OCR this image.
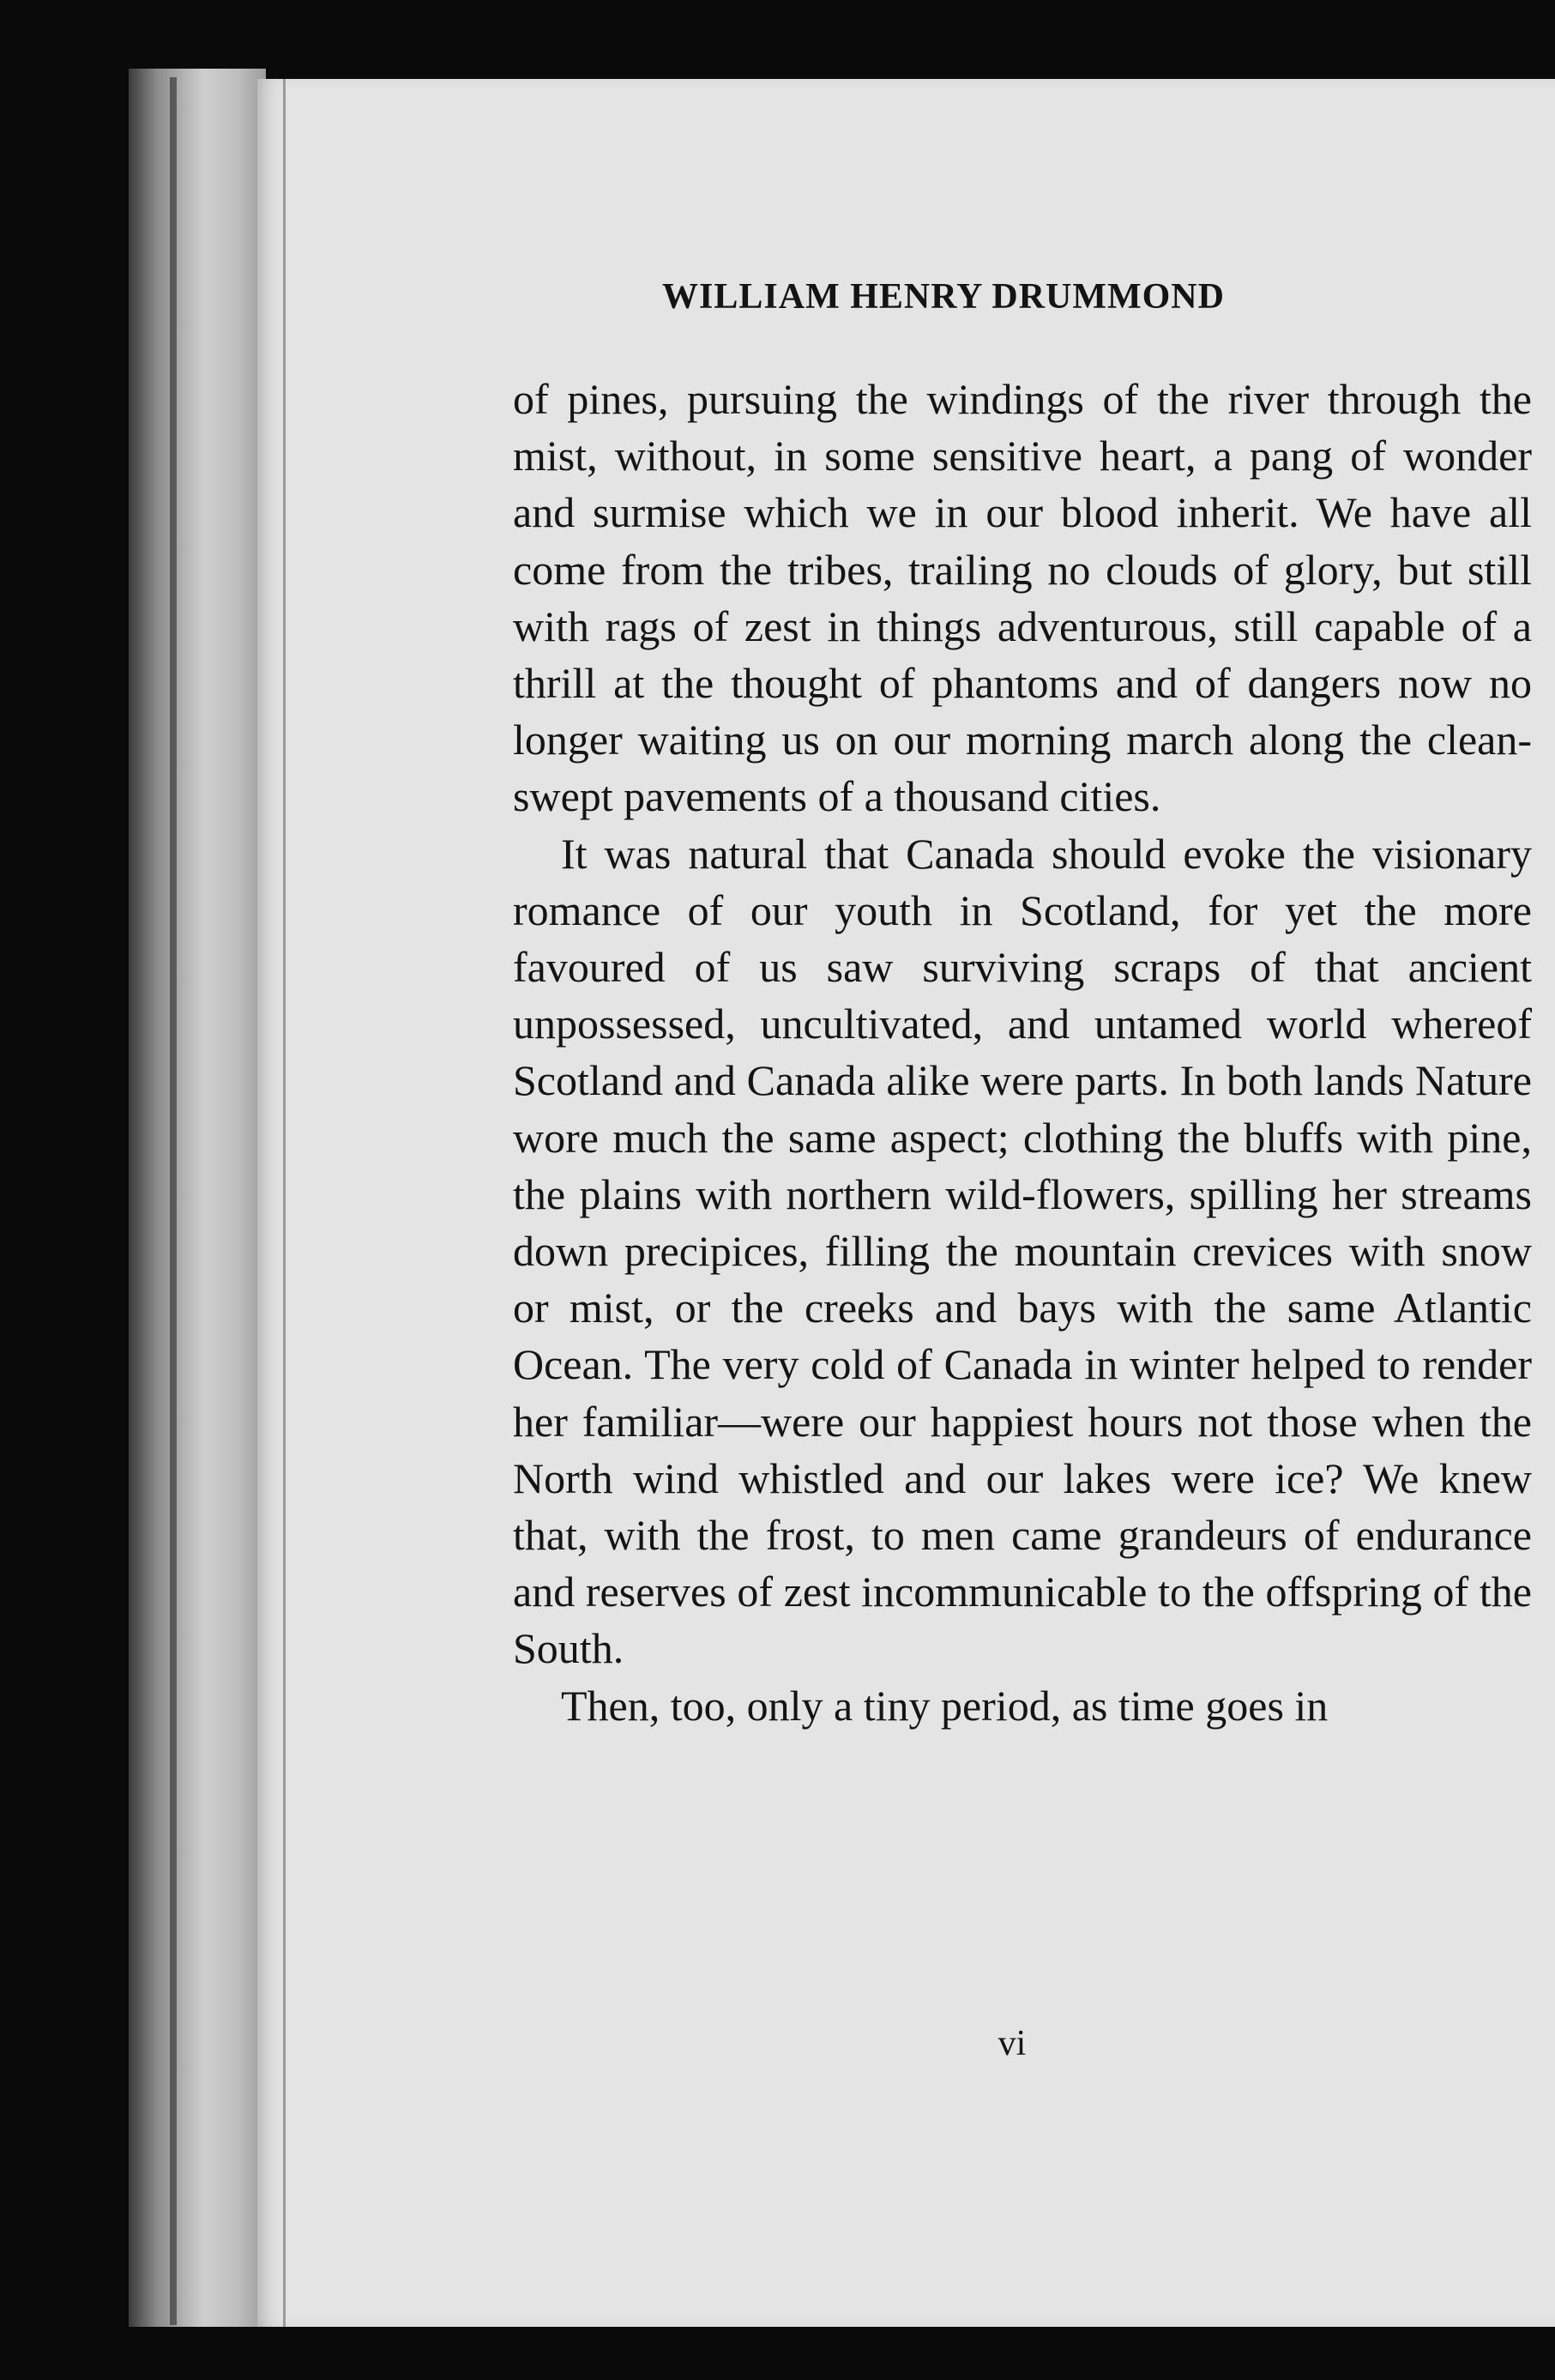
WILLIAM HENRY DRUMMOND

of pines, pursuing the windings of the river through the mist, without, in some sensitive heart, a pang of wonder and surmise which we in our blood inherit. We have all come from the tribes, trailing no clouds of glory, but still with rags of zest in things adventurous, still capable of a thrill at the thought of phantoms and of dangers now no longer waiting us on our morning march along the clean-swept pavements of a thousand cities.

It was natural that Canada should evoke the visionary romance of our youth in Scotland, for yet the more favoured of us saw surviving scraps of that ancient unpossessed, uncultivated, and untamed world whereof Scotland and Canada alike were parts. In both lands Nature wore much the same aspect; clothing the bluffs with pine, the plains with northern wild-flowers, spilling her streams down precipices, filling the mountain crevices with snow or mist, or the creeks and bays with the same Atlantic Ocean. The very cold of Canada in winter helped to render her familiar—were our happiest hours not those when the North wind whistled and our lakes were ice? We knew that, with the frost, to men came grandeurs of endurance and reserves of zest incommunicable to the offspring of the South.

Then, too, only a tiny period, as time goes in

vi
